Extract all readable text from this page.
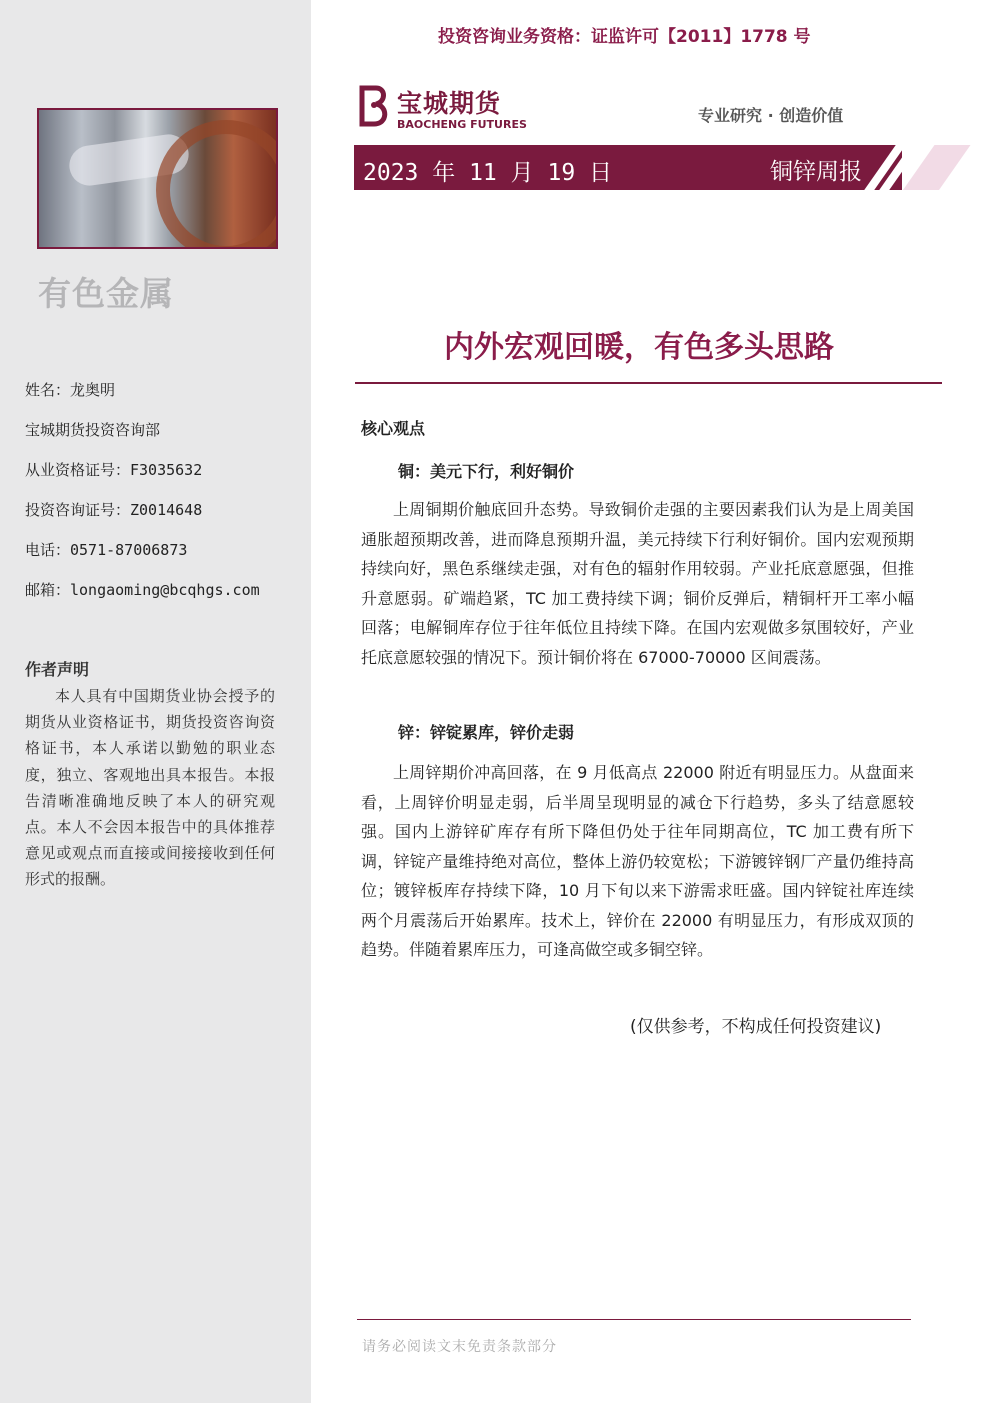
有色金属
姓名：龙奥明
宝城期货投资咨询部
从业资格证号：F3035632
投资咨询证号：Z0014648
电话：0571-87006873
邮箱：longaoming@bcqhgs.com
作者声明
本人具有中国期货业协会授予的期货从业资格证书，期货投资咨询资格证书，本人承诺以勤勉的职业态度，独立、客观地出具本报告。本报告清晰准确地反映了本人的研究观点。本人不会因本报告中的具体推荐意见或观点而直接或间接接收到任何形式的报酬。
投资咨询业务资格：证监许可【2011】1778 号
宝城期货
BAOCHENG FUTURES	专业研究 · 创造价值
2023 年 11 月 19 日	铜锌周报
内外宏观回暖，有色多头思路
核心观点
铜：美元下行，利好铜价
上周铜期价触底回升态势。导致铜价走强的主要因素我们认为是上周美国通胀超预期改善，进而降息预期升温，美元持续下行利好铜价。国内宏观预期持续向好，黑色系继续走强，对有色的辐射作用较弱。产业托底意愿强，但推升意愿弱。矿端趋紧，TC 加工费持续下调；铜价反弹后，精铜杆开工率小幅回落；电解铜库存位于往年低位且持续下降。在国内宏观做多氛围较好，产业托底意愿较强的情况下。预计铜价将在 67000-70000 区间震荡。
锌：锌锭累库，锌价走弱
上周锌期价冲高回落，在 9 月低高点 22000 附近有明显压力。从盘面来看，上周锌价明显走弱，后半周呈现明显的减仓下行趋势，多头了结意愿较强。国内上游锌矿库存有所下降但仍处于往年同期高位，TC 加工费有所下调，锌锭产量维持绝对高位，整体上游仍较宽松；下游镀锌钢厂产量仍维持高位；镀锌板库存持续下降，10 月下旬以来下游需求旺盛。国内锌锭社库连续两个月震荡后开始累库。技术上，锌价在 22000 有明显压力，有形成双顶的趋势。伴随着累库压力，可逢高做空或多铜空锌。
(仅供参考，不构成任何投资建议)
请务必阅读文末免责条款部分
